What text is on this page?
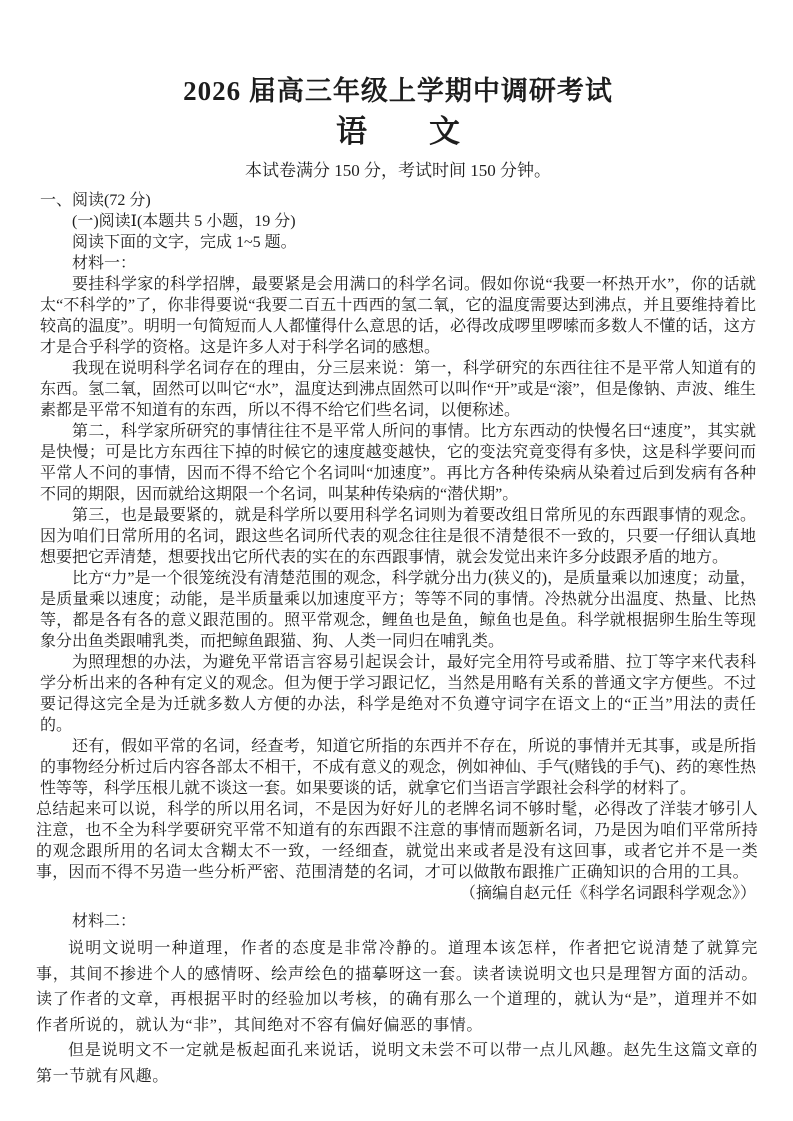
2026 届高三年级上学期中调研考试
语　　文
本试卷满分 150 分，考试时间 150 分钟。
一、阅读(72 分)
(一)阅读Ⅰ(本题共 5 小题，19 分)
阅读下面的文字，完成 1~5 题。
材料一：

要挂科学家的科学招牌，最要紧是会用满口的科学名词。假如你说“我要一杯热开水”，你的话就太“不科学的”了，你非得要说“我要二百五十西西的氢二氧，它的温度需要达到沸点，并且要维持着比较高的温度”。明明一句简短而人人都懂得什么意思的话，必得改成啰里啰嗦而多数人不懂的话，这方才是合乎科学的资格。这是许多人对于科学名词的感想。

我现在说明科学名词存在的理由，分三层来说：第一，科学研究的东西往往不是平常人知道有的东西。氢二氧，固然可以叫它“水”，温度达到沸点固然可以叫作“开”或是“滚”，但是像钠、声波、维生素都是平常不知道有的东西，所以不得不给它们些名词，以便称述。

第二，科学家所研究的事情往往不是平常人所问的事情。比方东西动的快慢名曰“速度”，其实就是快慢；可是比方东西往下掉的时候它的速度越变越快，它的变法究竟变得有多快，这是科学要问而平常人不问的事情，因而不得不给它个名词叫“加速度”。再比方各种传染病从染着过后到发病有各种不同的期限，因而就给这期限一个名词，叫某种传染病的“潜伏期”。

第三，也是最要紧的，就是科学所以要用科学名词则为着要改组日常所见的东西跟事情的观念。因为咱们日常所用的名词，跟这些名词所代表的观念往往是很不清楚很不一致的，只要一仔细认真地想要把它弄清楚，想要找出它所代表的实在的东西跟事情，就会发觉出来许多分歧跟矛盾的地方。

比方“力”是一个很笼统没有清楚范围的观念，科学就分出力(狭义的)，是质量乘以加速度；动量，是质量乘以速度；动能，是半质量乘以加速度平方；等等不同的事情。冷热就分出温度、热量、比热等，都是各有各的意义跟范围的。照平常观念，鲤鱼也是鱼，鲸鱼也是鱼。科学就根据卵生胎生等现象分出鱼类跟哺乳类，而把鲸鱼跟猫、狗、人类一同归在哺乳类。

为照理想的办法，为避免平常语言容易引起误会计，最好完全用符号或希腊、拉丁等字来代表科学分析出来的各种有定义的观念。但为便于学习跟记忆，当然是用略有关系的普通文字方便些。不过要记得这完全是为迁就多数人方便的办法，科学是绝对不负遵守词字在语文上的“正当”用法的责任的。

还有，假如平常的名词，经查考，知道它所指的东西并不存在，所说的事情并无其事，或是所指的事物经分析过后内容各部太不相干，不成有意义的观念，例如神仙、手气(赌钱的手气)、药的寒性热性等等，科学压根儿就不谈这一套。如果要谈的话，就拿它们当语言学跟社会科学的材料了。

总结起来可以说，科学的所以用名词，不是因为好好儿的老牌名词不够时髦，必得改了洋装才够引人注意，也不全为科学要研究平常不知道有的东西跟不注意的事情而题新名词，乃是因为咱们平常所持的观念跟所用的名词太含糊太不一致，一经细查，就觉出来或者是没有这回事，或者它并不是一类事，因而不得不另造一些分析严密、范围清楚的名词，才可以做散布跟推广正确知识的合用的工具。

（摘编自赵元任《科学名词跟科学观念》）

材料二：

说明文说明一种道理，作者的态度是非常冷静的。道理本该怎样，作者把它说清楚了就算完事，其间不掺进个人的感情呀、绘声绘色的描摹呀这一套。读者读说明文也只是理智方面的活动。读了作者的文章，再根据平时的经验加以考核，的确有那么一个道理的，就认为“是”，道理并不如作者所说的，就认为“非”，其间绝对不容有偏好偏恶的事情。

但是说明文不一定就是板起面孔来说话，说明文未尝不可以带一点儿风趣。赵先生这篇文章的第一节就有风趣。
